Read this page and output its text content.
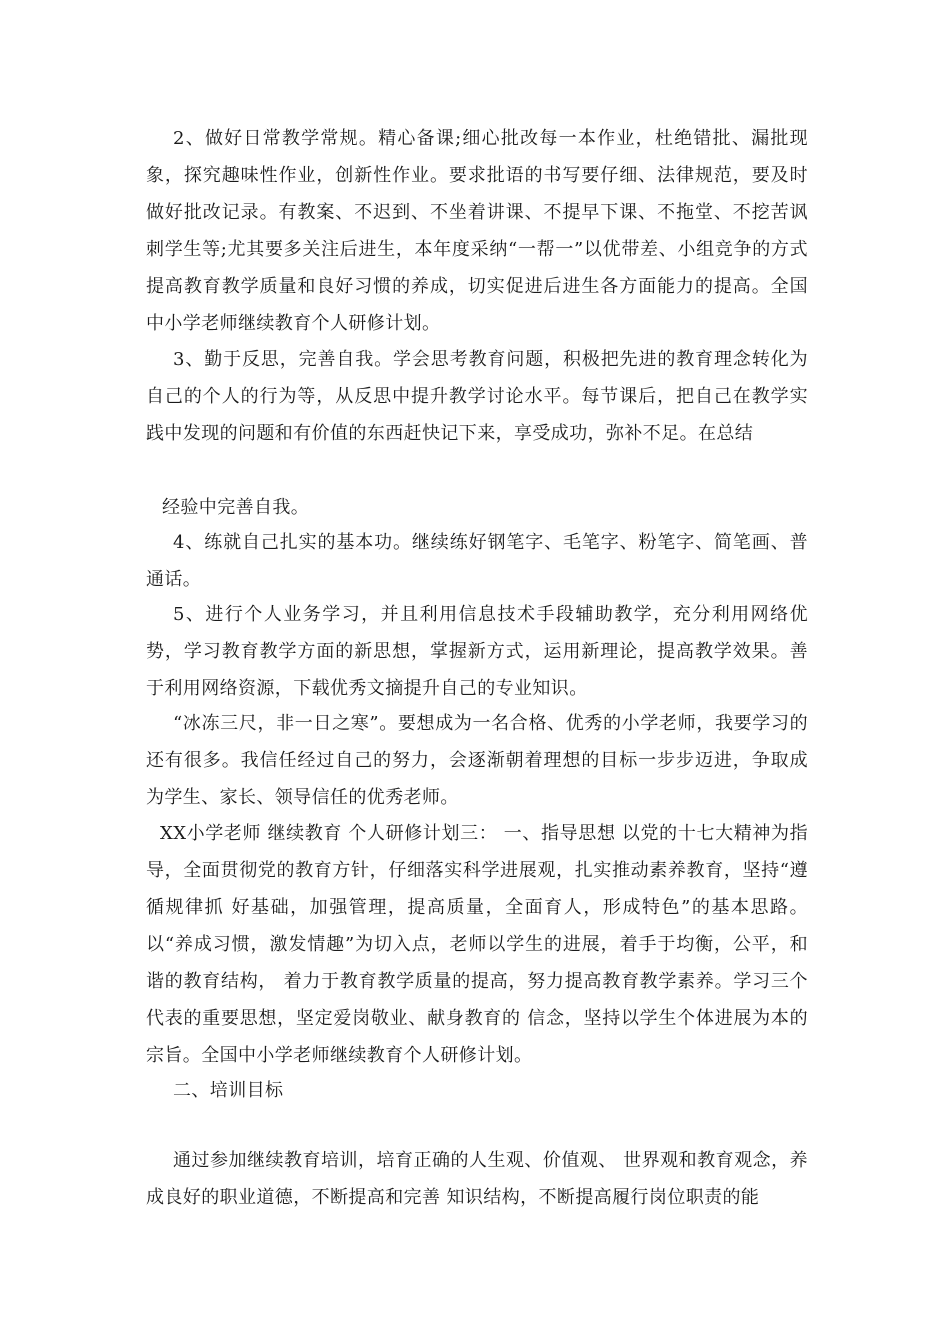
2、做好日常教学常规。精心备课;细心批改每一本作业，杜绝错批、漏批现象，探究趣味性作业，创新性作业。要求批语的书写要仔细、法律规范，要及时做好批改记录。有教案、不迟到、不坐着讲课、不提早下课、不拖堂、不挖苦讽刺学生等;尤其要多关注后进生，本年度采纳“一帮一”以优带差、小组竞争的方式提高教育教学质量和良好习惯的养成，切实促进后进生各方面能力的提高。全国中小学老师继续教育个人研修计划。

3、勤于反思，完善自我。学会思考教育问题，积极把先进的教育理念转化为自己的个人的行为等，从反思中提升教学讨论水平。每节课后，把自己在教学实践中发现的问题和有价值的东西赶快记下来，享受成功，弥补不足。在总结

经验中完善自我。

4、练就自己扎实的基本功。继续练好钢笔字、毛笔字、粉笔字、简笔画、普通话。

5、进行个人业务学习，并且利用信息技术手段辅助教学，充分利用网络优势，学习教育教学方面的新思想，掌握新方式，运用新理论，提高教学效果。善于利用网络资源，下载优秀文摘提升自己的专业知识。

“冰冻三尺，非一日之寒”。要想成为一名合格、优秀的小学老师，我要学习的还有很多。我信任经过自己的努力，会逐渐朝着理想的目标一步步迈进，争取成为学生、家长、领导信任的优秀老师。

XX小学老师 继续教育 个人研修计划三： 一、指导思想 以党的十七大精神为指导，全面贯彻党的教育方针，仔细落实科学进展观，扎实推动素养教育，坚持“遵循规律抓 好基础，加强管理，提高质量，全面育人，形成特色”的基本思路。以“养成习惯，激发情趣”为切入点，老师以学生的进展，着手于均衡，公平，和谐的教育结构， 着力于教育教学质量的提高，努力提高教育教学素养。学习三个代表的重要思想，坚定爱岗敬业、献身教育的 信念，坚持以学生个体进展为本的宗旨。全国中小学老师继续教育个人研修计划。

二、培训目标

通过参加继续教育培训，培育正确的人生观、价值观、 世界观和教育观念，养成良好的职业道德，不断提高和完善 知识结构，不断提高履行岗位职责的能
